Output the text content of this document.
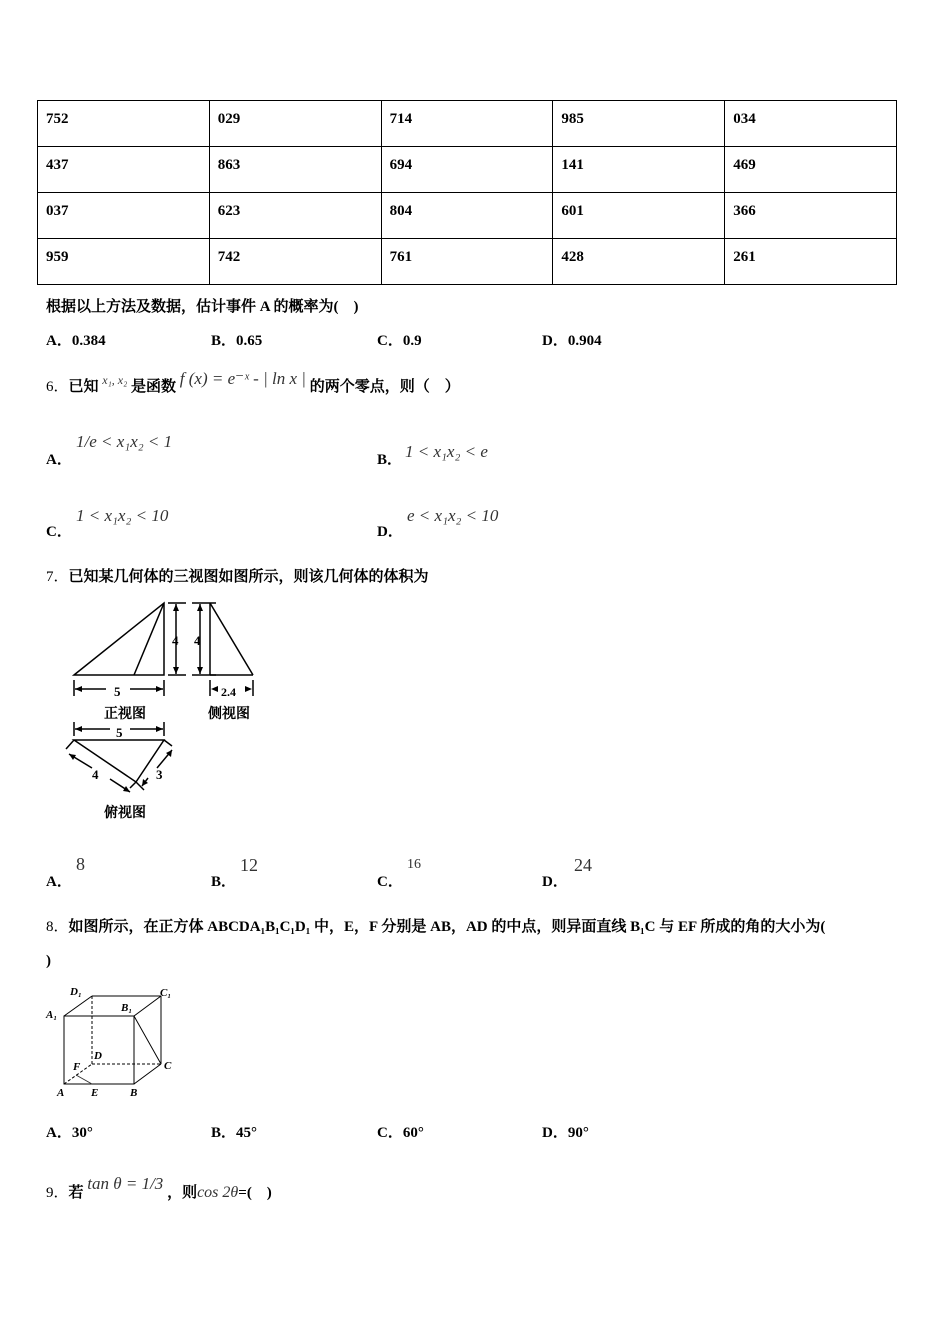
752	029	714	985	034
437	863	694	141	469
037	623	804	601	366
959	742	761	428	261
根据以上方法及数据，估计事件 A 的概率为(　)
A．0.384	B．0.65	C．0.9	D．0.904
6．已知 $^{x_1, x_2}$ 是函数 f (x) = e⁻ˣ - | ln x | 的两个零点，则（　）
A．
1/e < x₁x₂ < 1
B． 1 < x₁x₂ < e
C．
1 < x₁x₂ < 10
D．
e < x₁x₂ < 10
7．已知某几何体的三视图如图所示，则该几何体的体积为
4 4
5	2.4
正视图	侧视图
5
4	3
俯视图
A．
8
B．
12
C．
16
D．
24
8．如图所示，在正方体 ABCDA₁B₁C₁D₁ 中，E，F 分别是 AB，AD 的中点，则异面直线 B₁C 与 EF 所成的角的大小为(
)
D₁	C₁
A₁
B₁
D
F	C
A E	B
A．30°	B．45°	C．60°	D．90°
9．若 tan θ = 1/3 ，则cos 2θ=(　)
